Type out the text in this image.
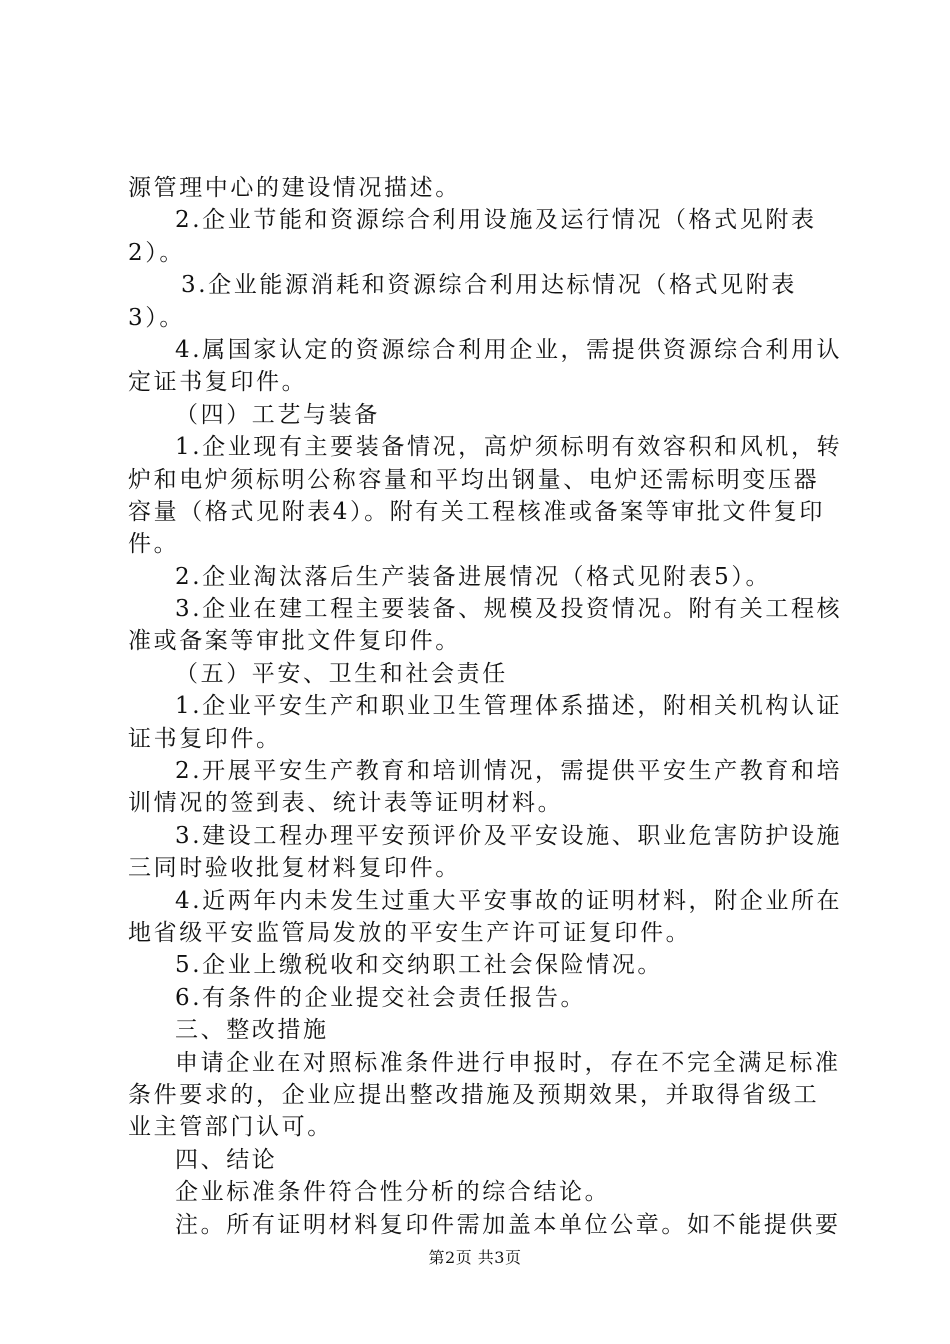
源管理中心的建设情况描述。
2.企业节能和资源综合利用设施及运行情况（格式见附表
2）。
3.企业能源消耗和资源综合利用达标情况（格式见附表
3）。
4.属国家认定的资源综合利用企业，需提供资源综合利用认
定证书复印件。
（四）工艺与装备
1.企业现有主要装备情况，高炉须标明有效容积和风机，转
炉和电炉须标明公称容量和平均出钢量、电炉还需标明变压器
容量（格式见附表4）。附有关工程核准或备案等审批文件复印
件。
2.企业淘汰落后生产装备进展情况（格式见附表5）。
3.企业在建工程主要装备、规模及投资情况。附有关工程核
准或备案等审批文件复印件。
（五）平安、卫生和社会责任
1.企业平安生产和职业卫生管理体系描述，附相关机构认证
证书复印件。
2.开展平安生产教育和培训情况，需提供平安生产教育和培
训情况的签到表、统计表等证明材料。
3.建设工程办理平安预评价及平安设施、职业危害防护设施
三同时验收批复材料复印件。
4.近两年内未发生过重大平安事故的证明材料，附企业所在
地省级平安监管局发放的平安生产许可证复印件。
5.企业上缴税收和交纳职工社会保险情况。
6.有条件的企业提交社会责任报告。
三、整改措施
申请企业在对照标准条件进行申报时，存在不完全满足标准
条件要求的，企业应提出整改措施及预期效果，并取得省级工
业主管部门认可。
四、结论
企业标准条件符合性分析的综合结论。
注。所有证明材料复印件需加盖本单位公章。如不能提供要
第2页 共3页
